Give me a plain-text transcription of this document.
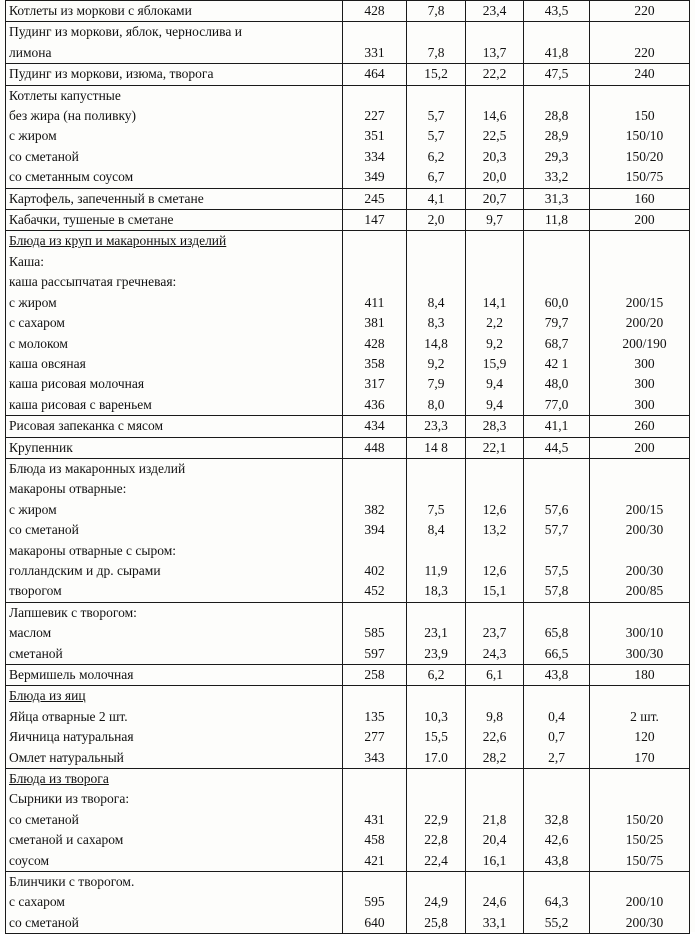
Котлеты из моркови с яблоками	428	7,8	23,4	43,5	220
Пудинг из моркови, яблок, чернослива и					
лимона	331	7,8	13,7	41,8	220
Пудинг из моркови, изюма, творога	464	15,2	22,2	47,5	240
Котлеты капустные					
без жира (на поливку)	227	5,7	14,6	28,8	150
с жиром	351	5,7	22,5	28,9	150/10
со сметаной	334	6,2	20,3	29,3	150/20
со сметанным соусом	349	6,7	20,0	33,2	150/75
Картофель, запеченный в сметане	245	4,1	20,7	31,3	160
Кабачки, тушеные в сметане	147	2,0	9,7	11,8	200
Блюда из круп и макаронных изделий					
Каша:					
каша рассыпчатая гречневая:					
с жиром	411	8,4	14,1	60,0	200/15
с сахаром	381	8,3	2,2	79,7	200/20
с молоком	428	14,8	9,2	68,7	200/190
каша овсяная	358	9,2	15,9	42 1	300
каша рисовая молочная	317	7,9	9,4	48,0	300
каша рисовая с вареньем	436	8,0	9,4	77,0	300
Рисовая запеканка с мясом	434	23,3	28,3	41,1	260
Крупенник	448	14 8	22,1	44,5	200
Блюда из макаронных изделий					
макароны отварные:					
с жиром	382	7,5	12,6	57,6	200/15
со сметаной	394	8,4	13,2	57,7	200/30
макароны отварные с сыром:					
голландским и др. сырами	402	11,9	12,6	57,5	200/30
творогом	452	18,3	15,1	57,8	200/85
Лапшевик с творогом:					
маслом	585	23,1	23,7	65,8	300/10
сметаной	597	23,9	24,3	66,5	300/30
Вермишель молочная	258	6,2	6,1	43,8	180
Блюда из яиц					
Яйца отварные 2 шт.	135	10,3	9,8	0,4	2 шт.
Яичница натуральная	277	15,5	22,6	0,7	120
Омлет натуральный	343	17.0	28,2	2,7	170
Блюда из творога					
Сырники из творога:					
со сметаной	431	22,9	21,8	32,8	150/20
сметаной и сахаром	458	22,8	20,4	42,6	150/25
соусом	421	22,4	16,1	43,8	150/75
Блинчики с творогом.					
с сахаром	595	24,9	24,6	64,3	200/10
со сметаной	640	25,8	33,1	55,2	200/30
